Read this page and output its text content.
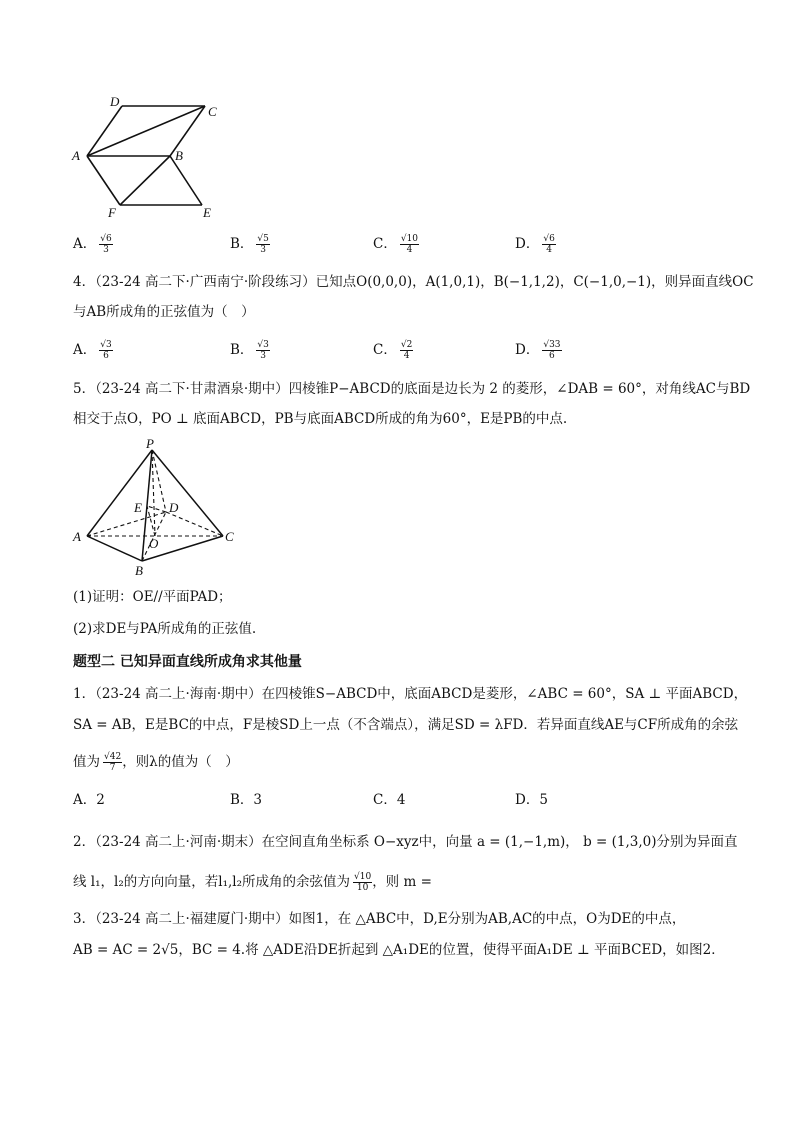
D
C
A	B
F	E
A． $\frac{√6}{3}$	B． $\frac{√5}{3}$	C． $\frac{√10}{4}$	D． $\frac{√6}{4}$
4．（23-24 高二下·广西南宁·阶段练习）已知点O(0,0,0)，A(1,0,1)，B(−1,1,2)，C(−1,0,−1)，则异面直线OC
与AB所成角的正弦值为（　）
A． $\frac{√3}{6}$	B． $\frac{√3}{3}$	C． $\frac{√2}{4}$	D． $\frac{√33}{6}$
5．（23-24 高二下·甘肃酒泉·期中）四棱锥P−ABCD的底面是边长为 2 的菱形，∠DAB = 60°，对角线AC与BD
相交于点O，PO ⊥ 底面ABCD，PB与底面ABCD所成的角为60°，E是PB的中点.
P
E D
A	O	C
B
(1)证明：OE//平面PAD；
(2)求DE与PA所成角的正弦值.
题型二 已知异面直线所成角求其他量
1．（23-24 高二上·海南·期中）在四棱锥S−ABCD中，底面ABCD是菱形，∠ABC = 60°，SA ⊥ 平面ABCD，
SA = AB，E是BC的中点，F是棱SD上一点（不含端点），满足SD = λFD．若异面直线AE与CF所成角的余弦
值为 $\frac{√42}{7}$ ，则λ的值为（　）
A．2	B．3	C．4	D．5
2．（23-24 高二上·河南·期末）在空间直角坐标系 O−xyz中，向量 a = (1,−1,m)， b = (1,3,0)分别为异面直
线 l₁，l₂的方向向量，若l₁,l₂所成角的余弦值为 $\frac{√10}{10}$ ，则 m =
3．（23-24 高二上·福建厦门·期中）如图1，在 △ABC中，D,E分别为AB,AC的中点，O为DE的中点，
AB = AC = 2√5，BC = 4.将 △ADE沿DE折起到 △A₁DE的位置，使得平面A₁DE ⊥ 平面BCED，如图2．
